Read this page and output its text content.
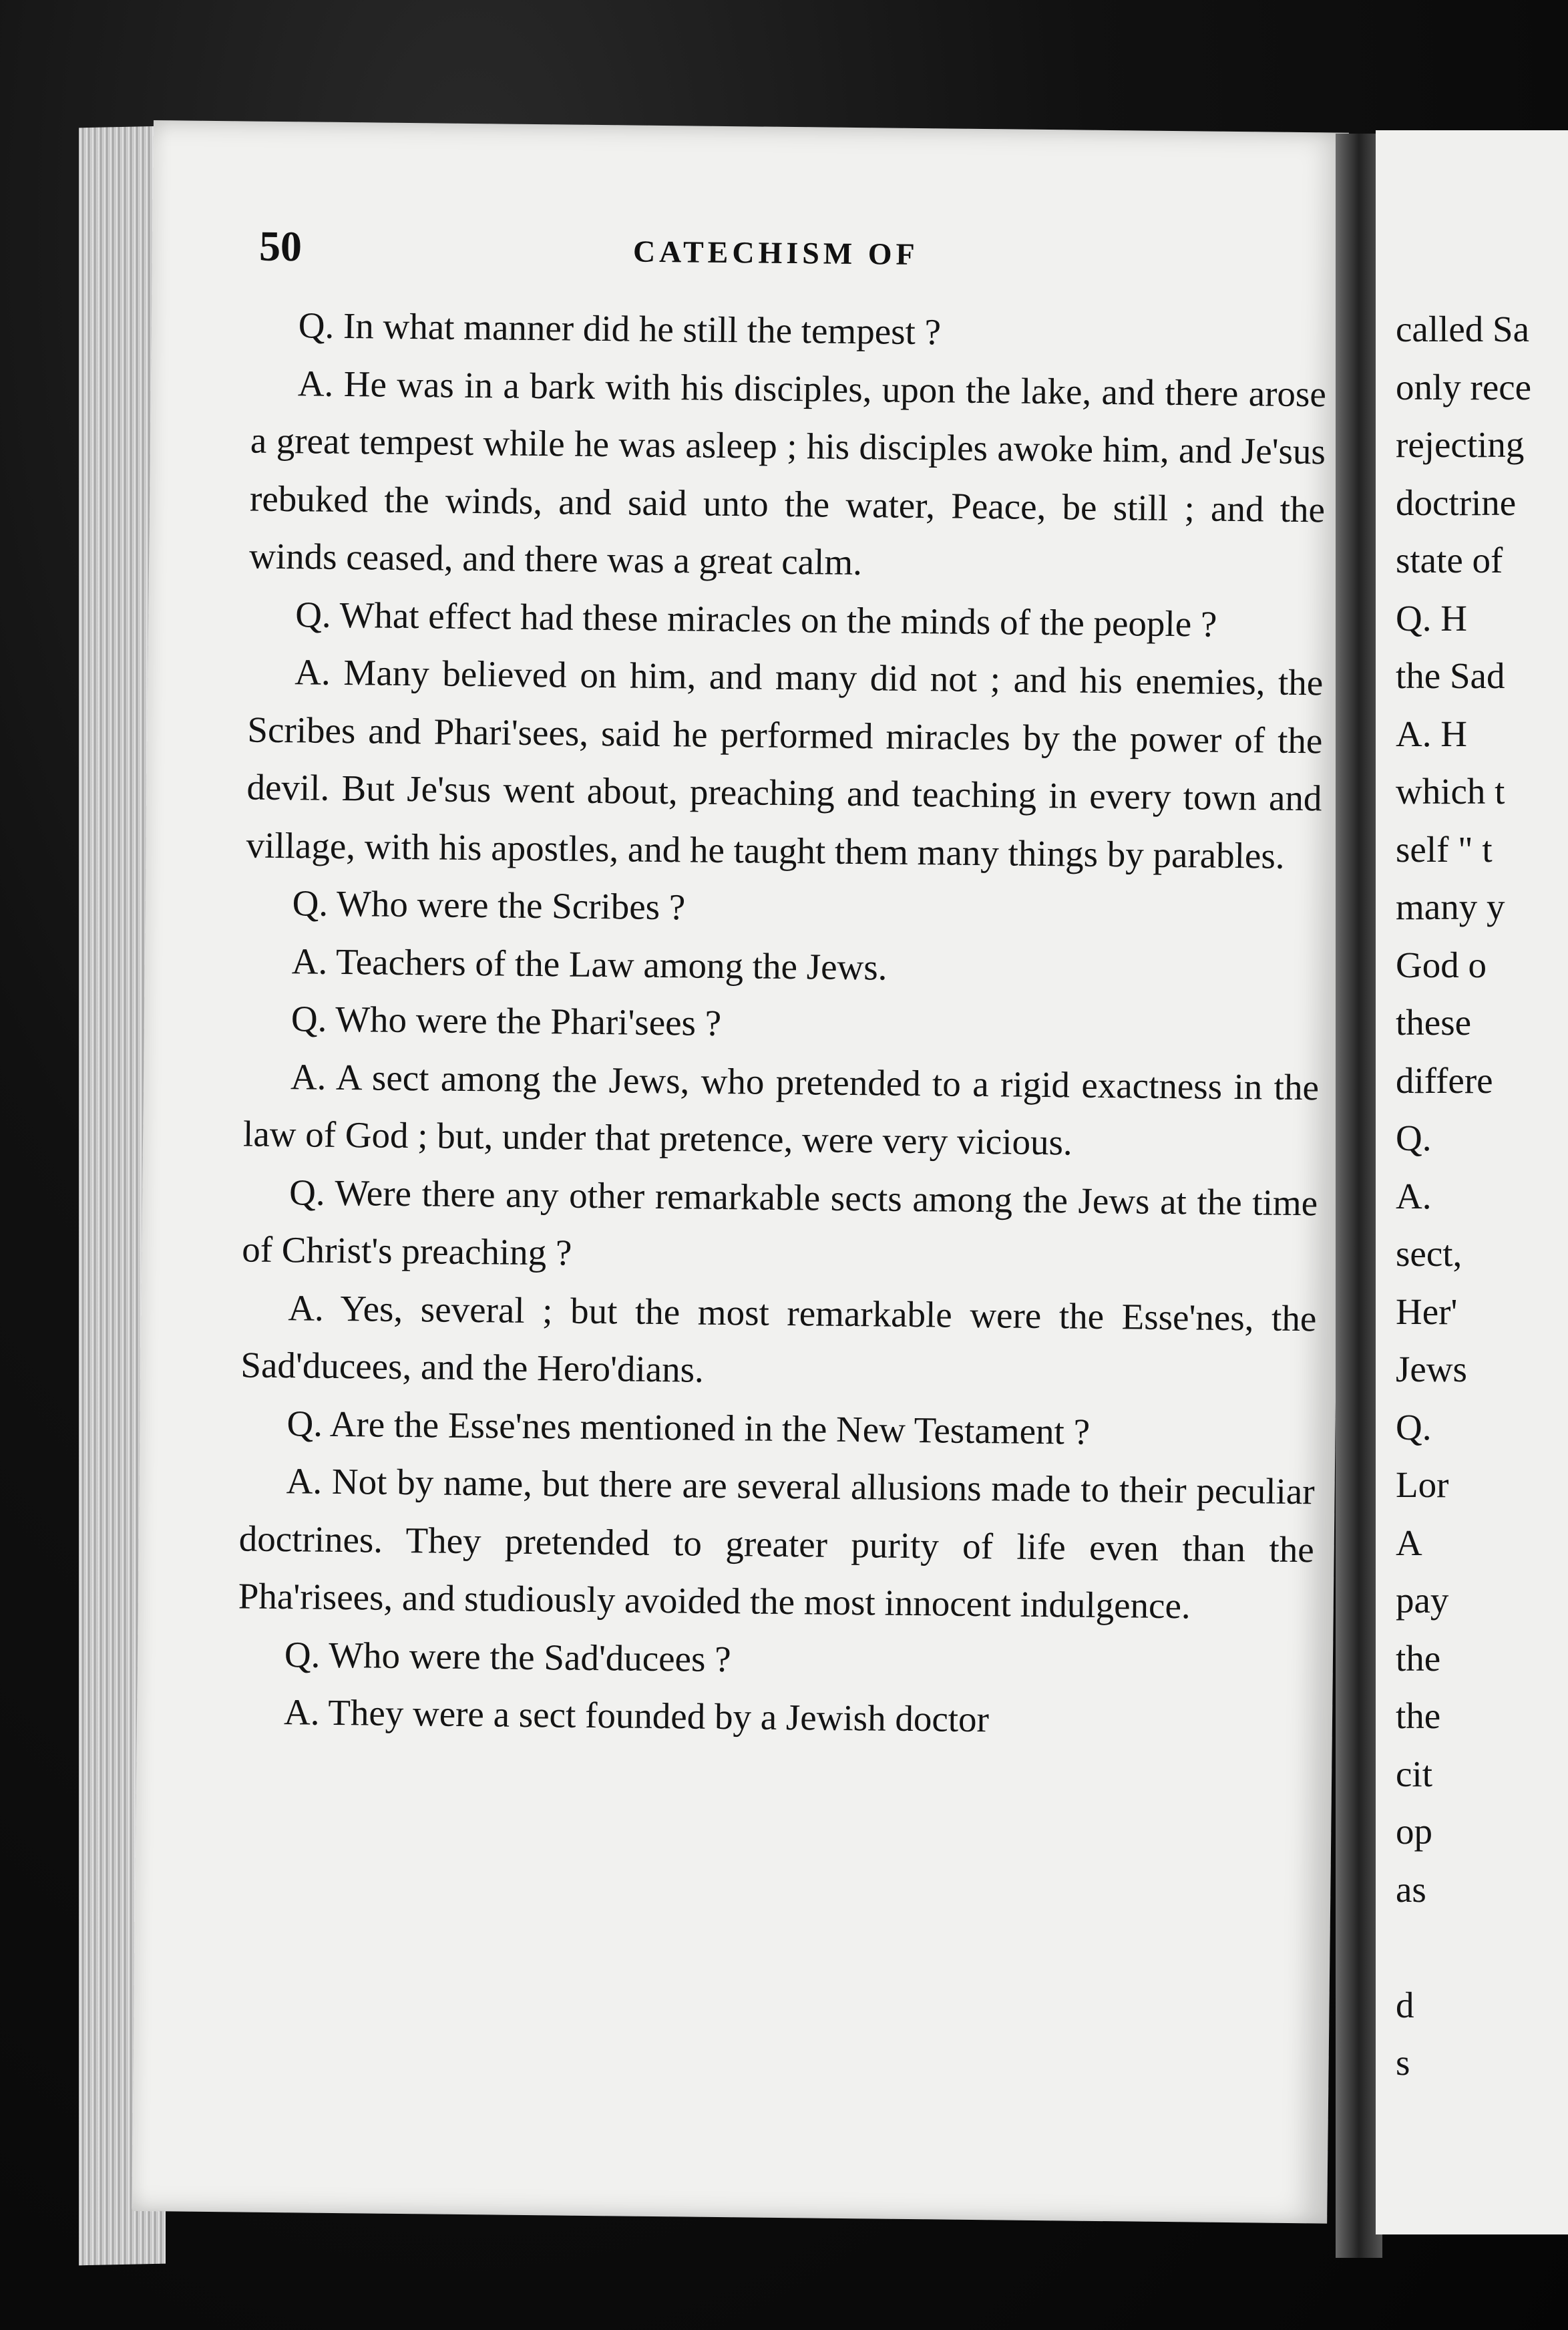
50	CATECHISM OF

Q. In what manner did he still the tempest ?

A. He was in a bark with his disciples, upon the lake, and there arose a great tempest while he was asleep ; his disciples awoke him, and Je'sus rebuked the winds, and said unto the water, Peace, be still ; and the winds ceased, and there was a great calm.

Q. What effect had these miracles on the minds of the people ?

A. Many believed on him, and many did not ; and his enemies, the Scribes and Phari'sees, said he performed miracles by the power of the devil. But Je'sus went about, preaching and teaching in every town and village, with his apostles, and he taught them many things by parables.

Q. Who were the Scribes ?

A. Teachers of the Law among the Jews.

Q. Who were the Phari'sees ?

A. A sect among the Jews, who pretended to a rigid exactness in the law of God ; but, under that pretence, were very vicious.

Q. Were there any other remarkable sects among the Jews at the time of Christ's preaching ?

A. Yes, several ; but the most remarkable were the Esse'nes, the Sad'ducees, and the Hero'dians.

Q. Are the Esse'nes mentioned in the New Testament ?

A. Not by name, but there are several allusions made to their peculiar doctrines. They pretended to greater purity of life even than the Pha'risees, and studiously avoided the most innocent indulgence.

Q. Who were the Sad'ducees ?

A. They were a sect founded by a Jewish doctor

called Sa
only rece
rejecting
doctrine
state of
Q. H
the Sad
A. H
which t
self " t
many y
God o
these
differe
Q.
A.
sect,
Her'
Jews
Q.
Lor
A
pay
the
the
cit
op
as
d
s
